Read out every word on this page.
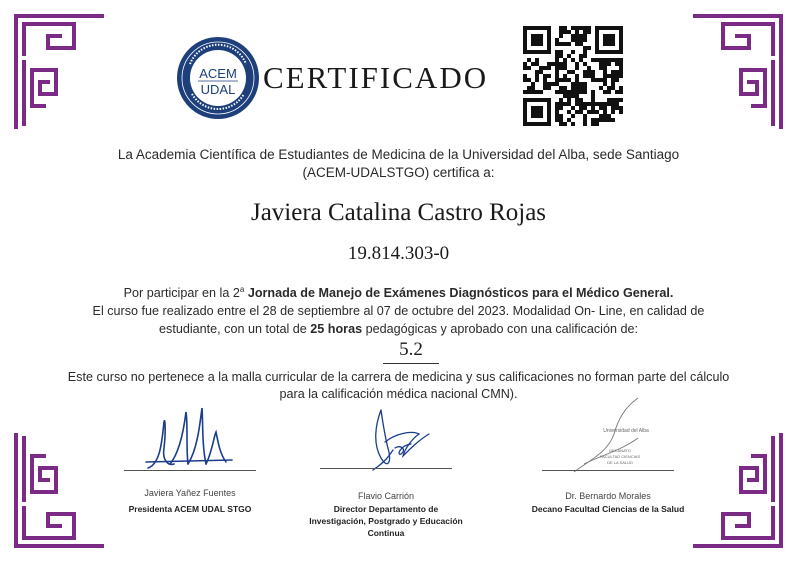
ACEM
UDAL CERTIFICADO
La Academia Científica de Estudiantes de Medicina de la Universidad del Alba, sede Santiago (ACEM-UDALSTGO) certifica a:
Javiera Catalina Castro Rojas
19.814.303-0
Por participar en la 2$^a$ Jornada de Manejo de Exámenes Diagnósticos para el Médico General.
El curso fue realizado entre el 28 de septiembre al 07 de octubre del 2023. Modalidad On- Line, en calidad de
estudiante, con un total de 25 horas pedagógicas y aprobado con una calificación de:
5.2
Este curso no pertenece a la malla curricular de la carrera de medicina y sus calificaciones no forman parte del cálculo para la calificación médica nacional CMN).
Javiera Yañez Fuentes
Presidenta ACEM UDAL STGO
Flavio Carrión
Director Departamento de Investigación, Postgrado y Educación Continua
Universidad del Alba
DECANATO
FACULTAD CIENCIAS
DE LA SALUD
Dr. Bernardo Morales
Decano Facultad Ciencias de la Salud
